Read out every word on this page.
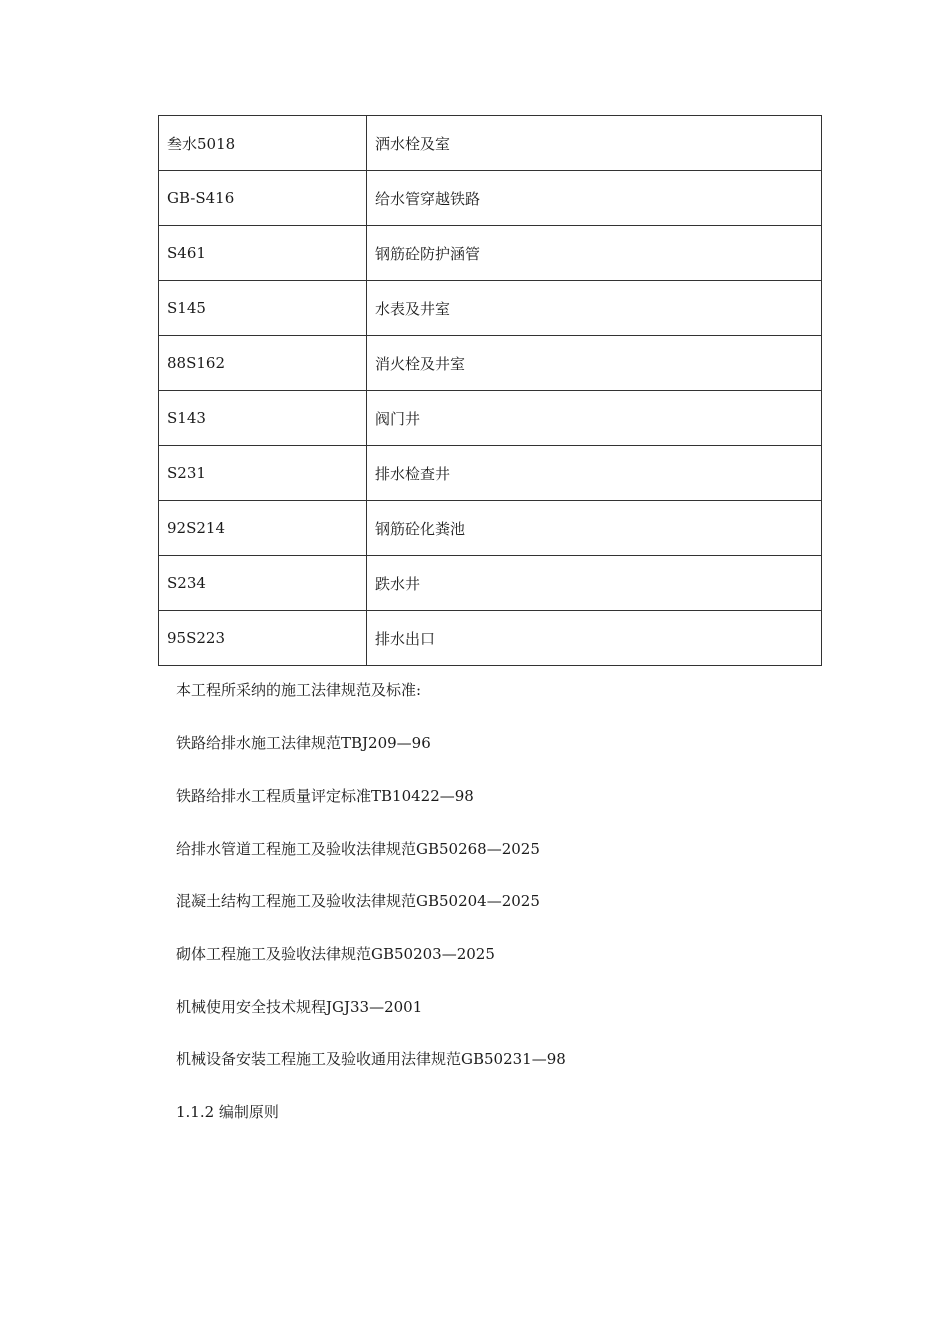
叁水5018	洒水栓及室
GB-S416	给水管穿越铁路
S461	钢筋砼防护涵管
S145	水表及井室
88S162	消火栓及井室
S143	阀门井
S231	排水检查井
92S214	钢筋砼化粪池
S234	跌水井
95S223	排水出口

本工程所采纳的施工法律规范及标准:

铁路给排水施工法律规范TBJ209—96

铁路给排水工程质量评定标准TB10422—98

给排水管道工程施工及验收法律规范GB50268—2025

混凝土结构工程施工及验收法律规范GB50204—2025

砌体工程施工及验收法律规范GB50203—2025

机械使用安全技术规程JGJ33—2001

机械设备安装工程施工及验收通用法律规范GB50231—98

1.1.2 编制原则
